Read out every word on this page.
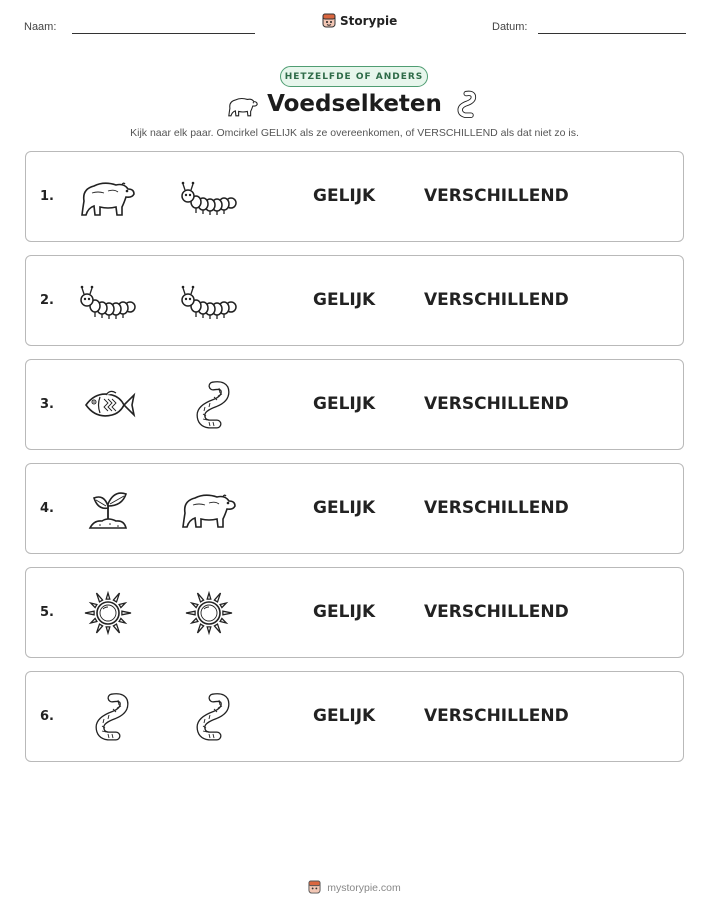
Naam:	Storypie	Datum:
HETZELFDE OF ANDERS
Voedselketen
Kijk naar elk paar. Omcirkel GELIJK als ze overeenkomen, of VERSCHILLEND als dat niet zo is.
1.	GELIJK	VERSCHILLEND
2.	GELIJK	VERSCHILLEND
3.	GELIJK	VERSCHILLEND
4.	GELIJK	VERSCHILLEND
5.	GELIJK	VERSCHILLEND
6.	GELIJK	VERSCHILLEND
mystorypie.com
